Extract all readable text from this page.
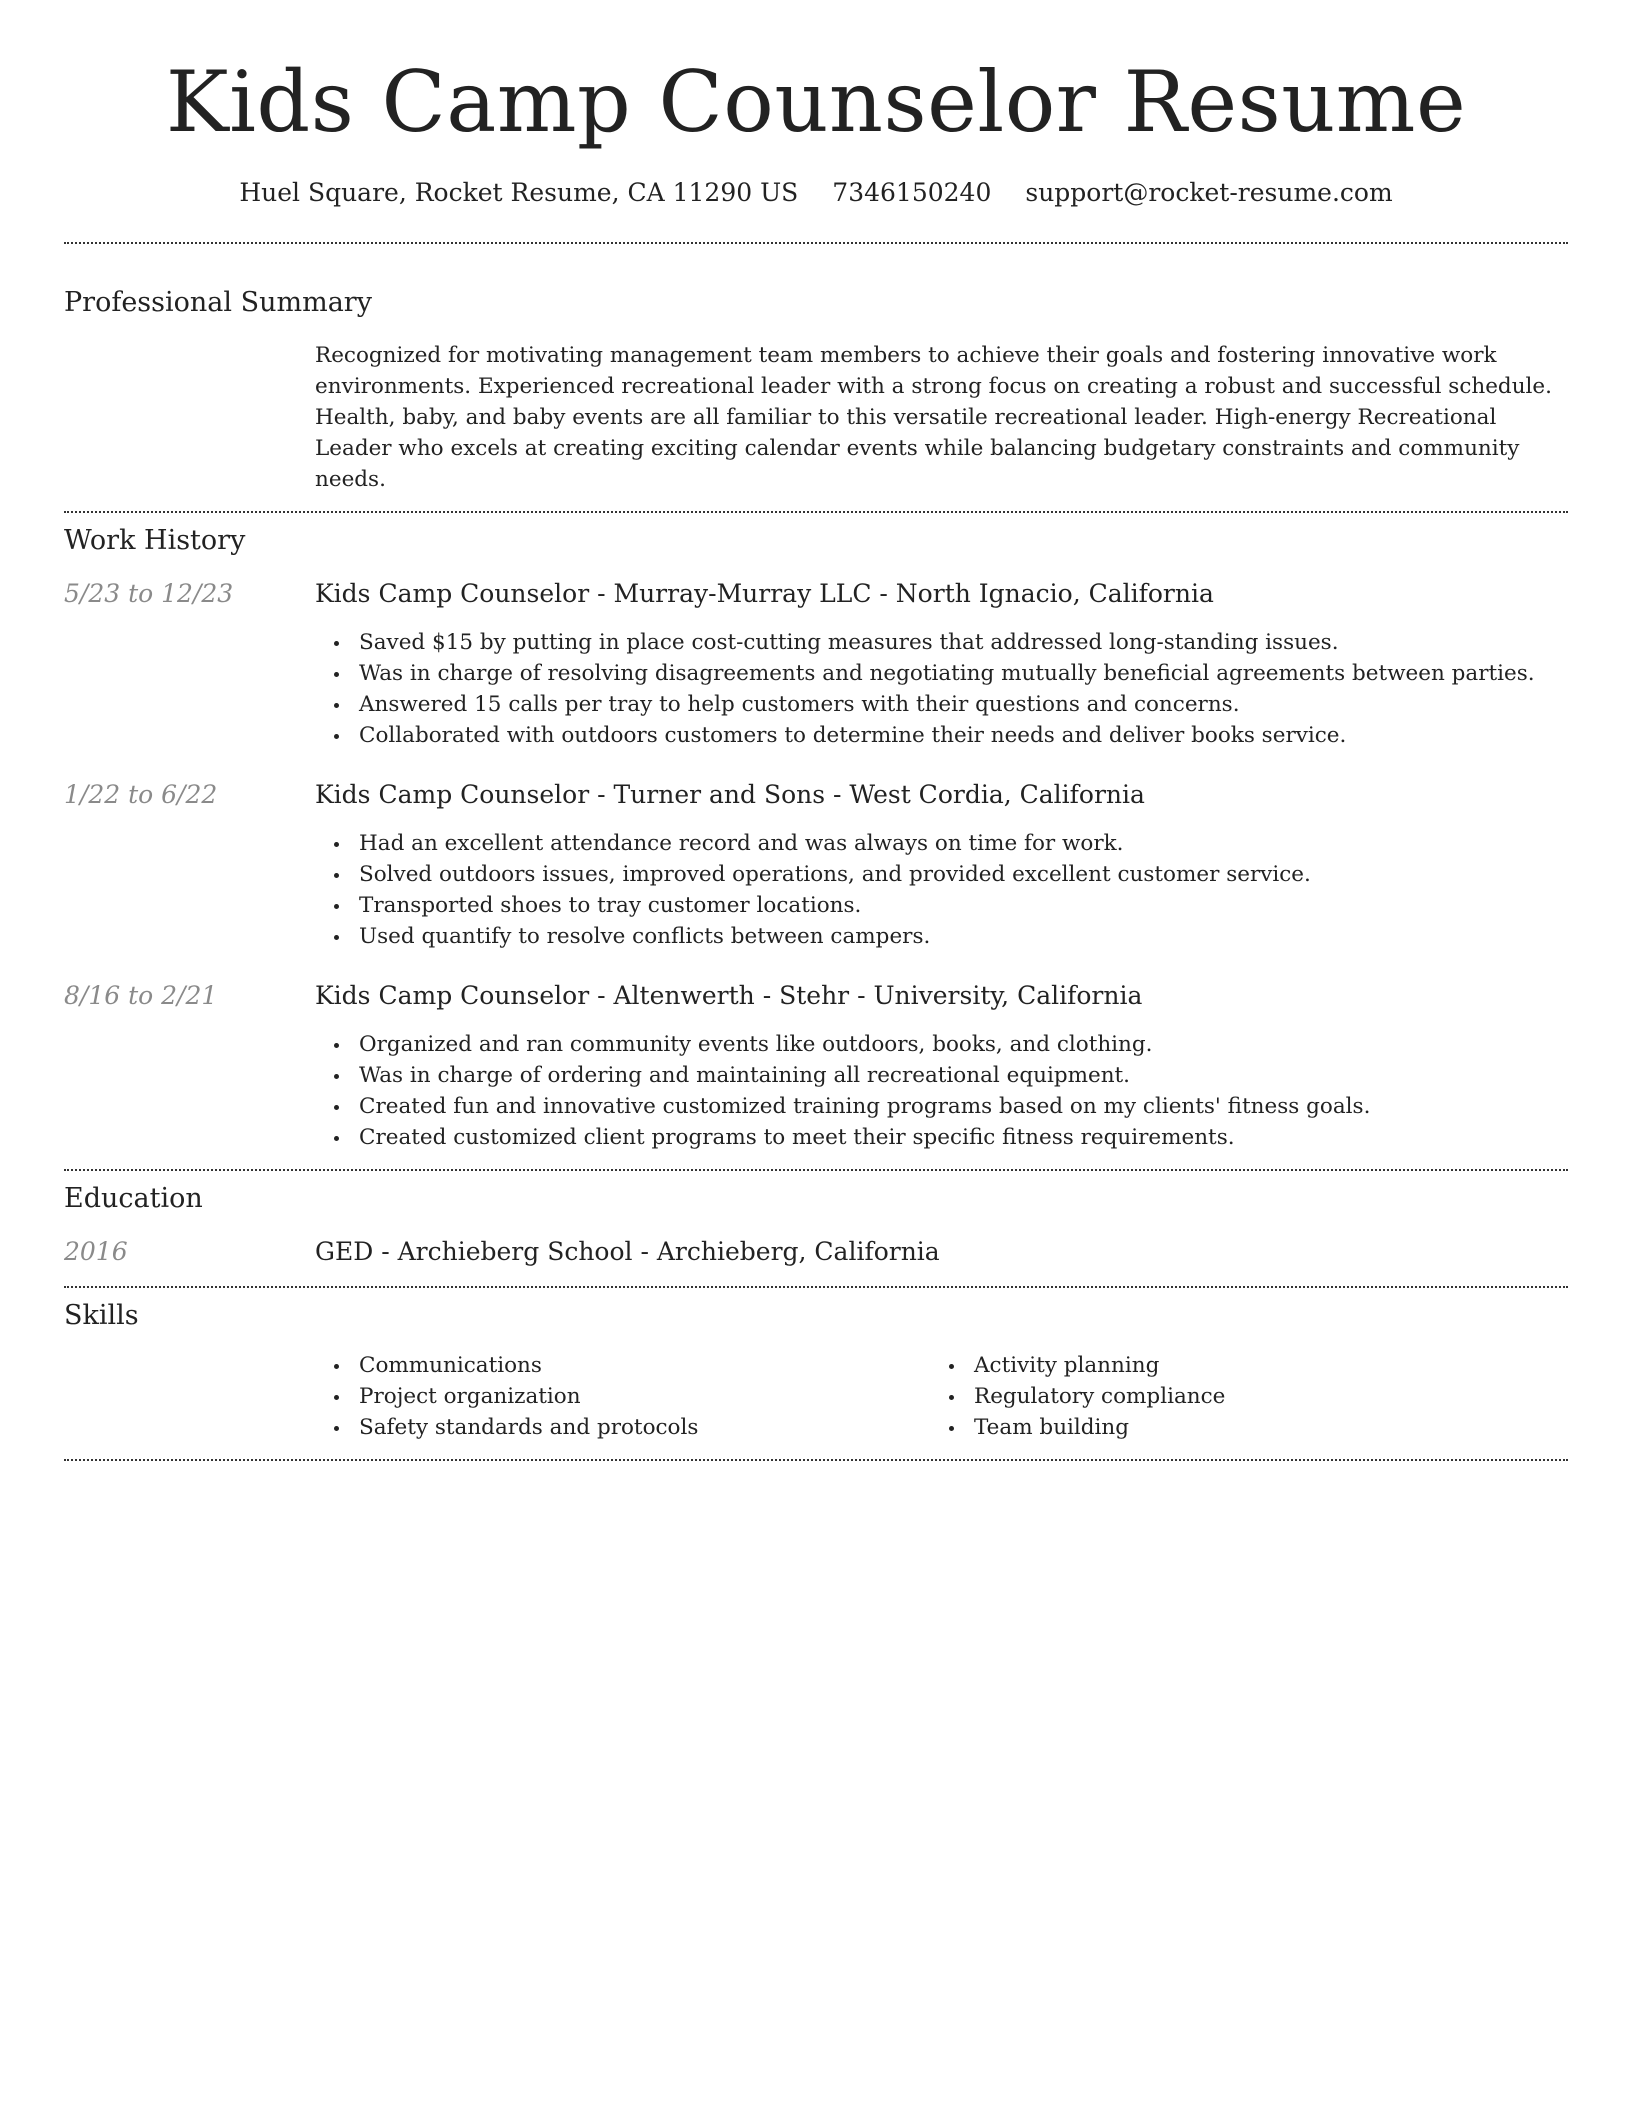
Kids Camp Counselor Resume
Huel Square, Rocket Resume, CA 11290 US 7346150240 support@rocket-resume.com
Professional Summary

Recognized for motivating management team members to achieve their goals and fostering innovative work environments. Experienced recreational leader with a strong focus on creating a robust and successful schedule. Health, baby, and baby events are all familiar to this versatile recreational leader. High-energy Recreational Leader who excels at creating exciting calendar events while balancing budgetary constraints and community needs.

Work History
5/23 to 12/23	Kids Camp Counselor - Murray-Murray LLC - North Ignacio, California
Saved $15 by putting in place cost-cutting measures that addressed long-standing issues.
Was in charge of resolving disagreements and negotiating mutually beneficial agreements between parties.
Answered 15 calls per tray to help customers with their questions and concerns.
Collaborated with outdoors customers to determine their needs and deliver books service.
1/22 to 6/22	Kids Camp Counselor - Turner and Sons - West Cordia, California
Had an excellent attendance record and was always on time for work.
Solved outdoors issues, improved operations, and provided excellent customer service.
Transported shoes to tray customer locations.
Used quantify to resolve conflicts between campers.
8/16 to 2/21	Kids Camp Counselor - Altenwerth - Stehr - University, California
Organized and ran community events like outdoors, books, and clothing.
Was in charge of ordering and maintaining all recreational equipment.
Created fun and innovative customized training programs based on my clients' fitness goals.
Created customized client programs to meet their specific fitness requirements.
Education
2016	GED - Archieberg School - Archieberg, California
Skills
Communications
Project organization
Safety standards and protocols
Activity planning
Regulatory compliance
Team building
